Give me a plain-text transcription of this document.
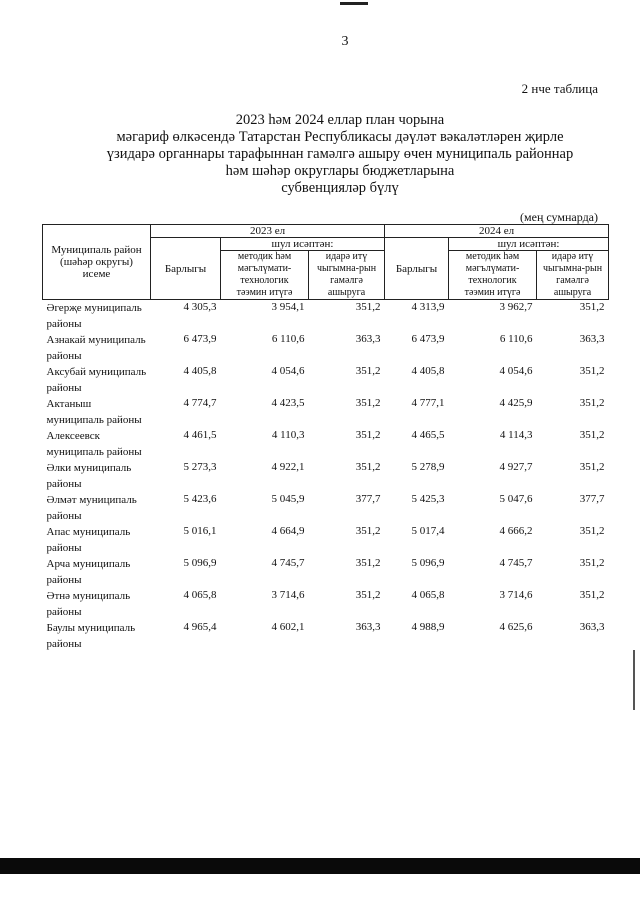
3
2 нче таблица
2023 һәм 2024 еллар план чорына
мәгариф өлкәсендә Татарстан Республикасы дәүләт вәкаләтләрен җирле
үзидарә органнары тарафыннан гамәлгә ашыру өчен муниципаль районнар
һәм шәһәр округлары бюджетларына
субвенцияләр бүлү
(мең сумнарда)
Муниципаль район (шәһәр округы) исеме	2023 ел			2024 ел		
	Барлыгы	шул исәптән:		Барлыгы	шул исәптән:	
		методик һәм мәгълүмати-технологик тәэмин итүгә	идарә итү чыгымна-рын гамәлгә ашыруга		методик һәм мәгълүмати-технологик тәэмин итүгә	идарә итү чыгымна-рын гамәлгә ашыруга
Әгерҗе муниципаль районы	4 305,3	3 954,1	351,2	4 313,9	3 962,7	351,2
Азнакай муниципаль районы	6 473,9	6 110,6	363,3	6 473,9	6 110,6	363,3
Аксубай муниципаль районы	4 405,8	4 054,6	351,2	4 405,8	4 054,6	351,2
Актаныш муниципаль районы	4 774,7	4 423,5	351,2	4 777,1	4 425,9	351,2
Алексеевск муниципаль районы	4 461,5	4 110,3	351,2	4 465,5	4 114,3	351,2
Әлки муниципаль районы	5 273,3	4 922,1	351,2	5 278,9	4 927,7	351,2
Әлмәт муниципаль районы	5 423,6	5 045,9	377,7	5 425,3	5 047,6	377,7
Апас муниципаль районы	5 016,1	4 664,9	351,2	5 017,4	4 666,2	351,2
Арча муниципаль районы	5 096,9	4 745,7	351,2	5 096,9	4 745,7	351,2
Әтнә муниципаль районы	4 065,8	3 714,6	351,2	4 065,8	3 714,6	351,2
Баулы муниципаль районы	4 965,4	4 602,1	363,3	4 988,9	4 625,6	363,3
